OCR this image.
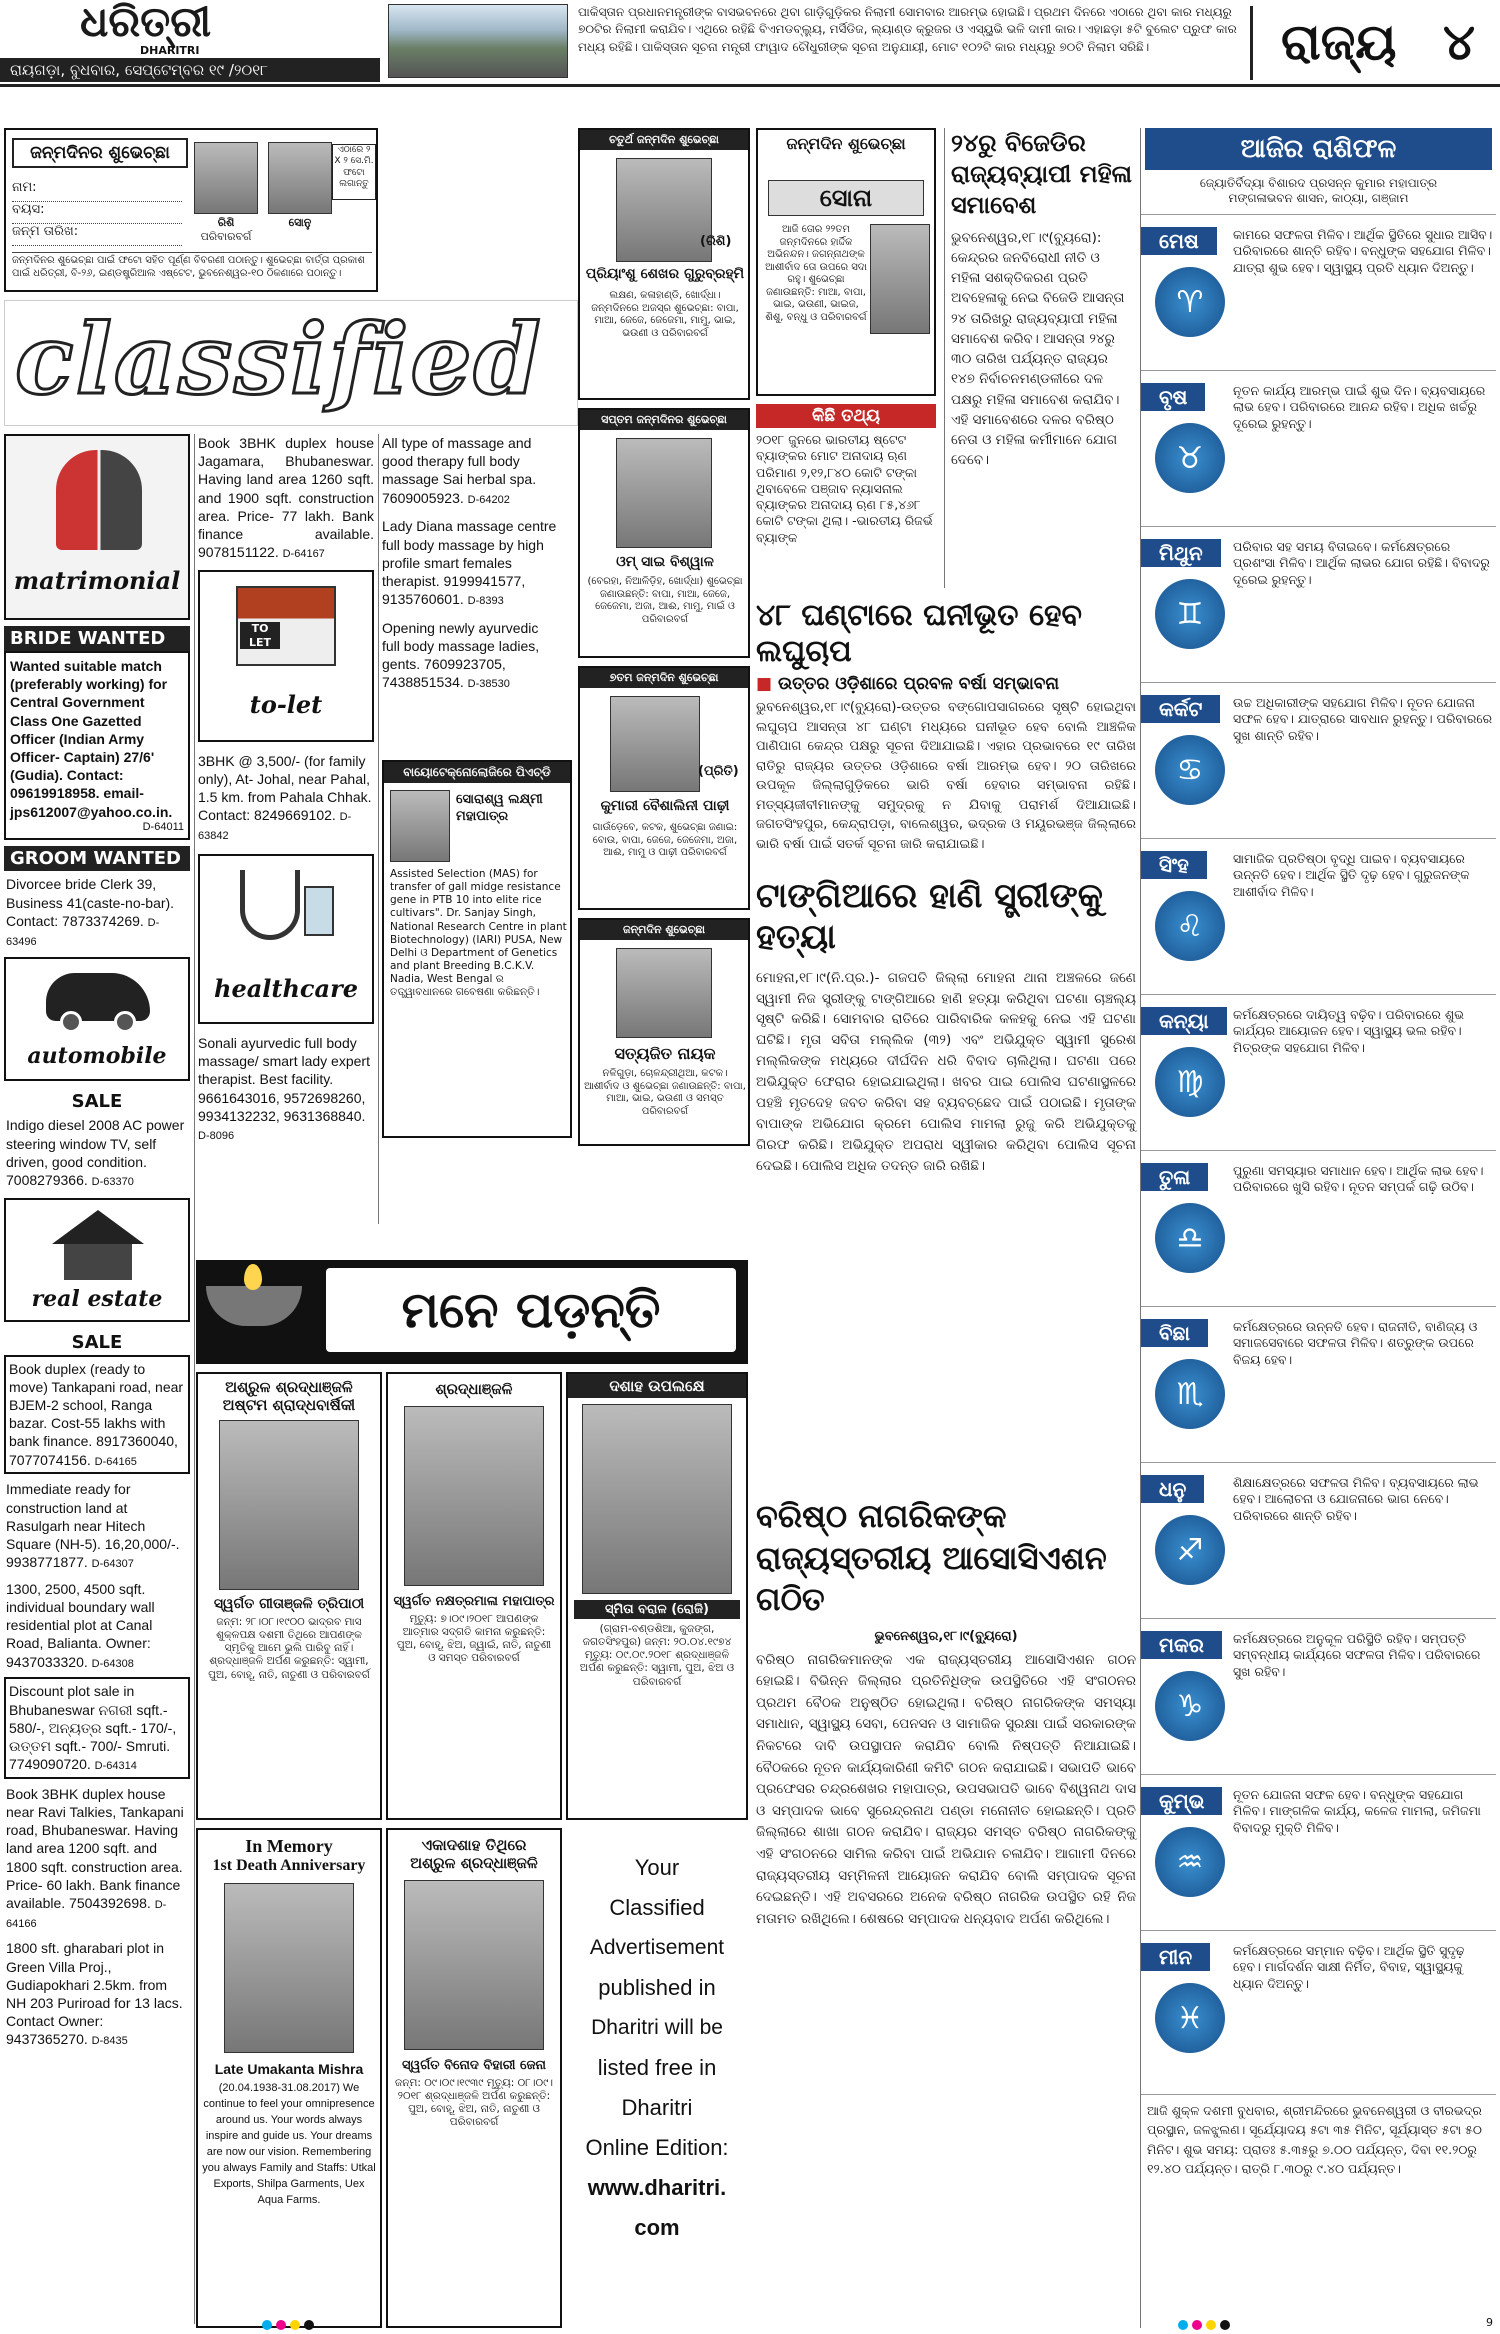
ଧରିତ୍ରୀ
DHARITRI
ରାୟଗଡ଼ା, ବୁଧବାର, ସେପ୍ଟେମ୍ବର ୧୯ /୨୦୧୮
ପାକିସ୍ତାନ ପ୍ରଧାନମନ୍ତ୍ରୀଙ୍କ ବାସଭବନରେ ଥିବା ଗାଡ଼ିଗୁଡ଼ିକର ନିଲାମୀ ସୋମବାର ଆରମ୍ଭ ହୋଇଛି। ପ୍ରଥମ ଦିନରେ ଏଠାରେ ଥିବା କାର ମଧ୍ୟରୁ ୭୦ଟିର ନିଲାମୀ କରାଯିବ। ଏଥିରେ ରହିଛି ବିଏମଡବ୍ଲ୍ୟୁ, ମର୍ସିଡିଜ, ଲ୍ୟାଣ୍ଡ କ୍ରୁଜର ଓ ଏସ୍‌ୟୁଭି ଭଳି ଦାମୀ କାର। ଏହାଛଡ଼ା ୫ଟି ବୁଲେଟ ପ୍ରୁଫ କାର ମଧ୍ୟ ରହିଛି। ପାକିସ୍ତାନ ସୂଚନା ମନ୍ତ୍ରୀ ଫାୱାଦ ଚୌଧୁରୀଙ୍କ ସୂଚନା ଅନୁଯାୟୀ, ମୋଟ ୧୦୨ଟି କାର ମଧ୍ୟରୁ ୭୦ଟି ନିଲାମ ସରିଛି।	ରାଜ୍ୟ ୪
ଜନ୍ମଦିନର ଶୁଭେଚ୍ଛା
ନାମ:
ବୟସ:
ଜନ୍ମ ତାରିଖ:
ରିଶି	ସୋନୁ
ପରିବାରବର୍ଗ
ଏଠାରେ ୨ X ୨ ସେ.ମି. ଫଟୋ ଲଗାନ୍ତୁ
ଜନ୍ମଦିନର ଶୁଭେଚ୍ଛା ପାଇଁ ଫଟୋ ସହିତ ପୂର୍ଣ୍ଣ ବିବରଣୀ ପଠାନ୍ତୁ। ଶୁଭେଚ୍ଛା ବାର୍ତ୍ତା ପ୍ରକାଶ ପାଇଁ ଧରିତ୍ରୀ, ବି-୨୬, ଇଣ୍ଡଷ୍ଟ୍ରିଆଲ ଏଷ୍ଟେଟ, ଭୁବନେଶ୍ୱର-୧୦ ଠିକଣାରେ ପଠାନ୍ତୁ।
classified
matrimonial
BRIDE WANTED
Wanted suitable match (preferably working) for Central Government Class One Gazetted Officer (Indian Army Officer- Captain) 27/6' (Gudia). Contact: 09619918958. email-jps612007@yahoo.co.in.
D-64011
GROOM WANTED
Divorcee bride Clerk 39, Business 41(caste-no-bar). Contact: 7873374269. D-63496
automobile
SALE
Indigo diesel 2008 AC power steering window TV, self driven, good condition. 7008279366. D-63370
real estate
SALE
Book duplex (ready to move) Tankapani road, near BJEM-2 school, Ranga bazar. Cost-55 lakhs with bank finance. 8917360040, 7077074156. D-64165
Immediate ready for construction land at Rasulgarh near Hitech Square (NH-5). 16,20,000/-. 9938771877. D-64307
1300, 2500, 4500 sqft. individual boundary wall residential plot at Canal Road, Balianta. Owner: 9437033320. D-64308
Discount plot sale in Bhubaneswar ନଗରୀ sqft.- 580/-, ଅନ୍ୟତ୍ର sqft.- 170/-, ଉତ୍ତମ sqft.- 700/- Smruti. 7749090720. D-64314
Book 3BHK duplex house near Ravi Talkies, Tankapani road, Bhubaneswar. Having land area 1200 sqft. and 1800 sqft. construction area. Price- 60 lakh. Bank finance available. 7504392698. D-64166
1800 sft. gharabari plot in Green Villa Proj., Gudiapokhari 2.5km. from NH 203 Puriroad for 13 lacs. Contact Owner: 9437365270. D-8435
Book 3BHK duplex house Jagamara, Bhubaneswar. Having land area 1260 sqft. and 1900 sqft. construction area. Price- 77 lakh. Bank finance available. 9078151122. D-64167
TO LET
to-let
3BHK @ 3,500/- (for family only), At- Johal, near Pahal, 1.5 km. from Pahala Chhak. Contact: 8249669102. D-63842
healthcare
Sonali ayurvedic full body massage/ smart lady expert therapist. Best facility. 9661643016, 9572698260, 9934132232, 9631368840. D-8096
All type of massage and good therapy full body massage Sai herbal spa. 7609005923. D-64202
Lady Diana massage centre full body massage by high profile smart females therapist. 9199941577, 9135760601. D-8393
Opening newly ayurvedic full body massage ladies, gents. 7609923705, 7438851534. D-38530
ବାୟୋଟେକ୍‌ନୋଲୋଜିରେ ପିଏଚ୍‌ଡି
ସୋରାଶ୍ୱ ଲକ୍ଷ୍ମୀ ମହାପାତ୍ର
Assisted Selection (MAS) for transfer of gall midge resistance gene in PTB 10 into elite rice cultivars". Dr. Sanjay Singh, National Research Centre in plant Biotechnology) (IARI) PUSA, New Delhi ଓ Department of Genetics and plant Breeding B.C.K.V. Nadia, West Bengal ର ତତ୍ତ୍ୱାବଧାନରେ ଗବେଷଣା କରିଛନ୍ତି।
ଚତୁର୍ଥ ଜନ୍ମଦିନ ଶୁଭେଚ୍ଛା
(ରିଶି)
ପ୍ରିୟାଂଶୁ ଶେଖର ଗୁରୁବ୍ରହ୍ମି
ଲକ୍ଷଣ, କଳାହାଣ୍ଡି, ଖୋର୍ଦ୍ଧା। ଜନ୍ମଦିନରେ ଅଜସ୍ର ଶୁଭେଚ୍ଛା: ବାପା, ମାଆ, ଜେଜେ, ଜେଜେମା, ମାମୁ, ଭାଇ, ଭଉଣୀ ଓ ପରିବାରବର୍ଗ
ସପ୍ତମ ଜନ୍ମଦିନର ଶୁଭେଚ୍ଛା
ଓମ୍ ସାଇ ବିଶ୍ୱାଳ
(ବେରହା, ନିଆଳିଡ଼ିହ, ଖୋର୍ଦ୍ଧା) ଶୁଭେଚ୍ଛା ଜଣାଉଛନ୍ତି: ବାପା, ମାଆ, ଜେଜେ, ଜେଜେମା, ଅଜା, ଆଈ, ମାମୁ, ମାଇଁ ଓ ପରିବାରବର୍ଗ
୭ତମ ଜନ୍ମଦିନ ଶୁଭେଚ୍ଛା
(ପ୍ରିତି)
କୁମାରୀ ବୈଶାଲିନୀ ପାଢ଼ୀ
ଗାଉଁଡ଼େବେ, କଟକ, ଶୁଭେଚ୍ଛା ଜଣାଇ: ବୋଉ, ବାପା, ଜେଜେ, ଜେଜେମା, ଅଜା, ଆଈ, ମାମୁ ଓ ପାଢ଼ୀ ପରିବାରବର୍ଗ
ଜନ୍ମଦିନ ଶୁଭେଚ୍ଛା
ସତ୍ୟଜିତ ନାୟକ
ନଳିଗୁଡ଼ା, ଚୋଳନ୍ଦ୍ରୀଥିଆ, କଟକ। ଆଶୀର୍ବାଦ ଓ ଶୁଭେଚ୍ଛା ଜଣାଉଛନ୍ତି: ବାପା, ମାଆ, ଭାଇ, ଭଉଣୀ ଓ ସମସ୍ତ ପରିବାରବର୍ଗ
ଜନ୍ମଦିନ ଶୁଭେଚ୍ଛା
ସୋନା
ଆଜି ତୋର ୨୨ତମ ଜନ୍ମଦିନରେ ହାର୍ଦ୍ଦିକ ଅଭିନନ୍ଦନ। ଜଗନ୍ନାଥଙ୍କ ଆଶୀର୍ବାଦ ତୋ ଉପରେ ସଦା ରହୁ। ଶୁଭେଚ୍ଛା ଜଣାଉଛନ୍ତି: ମାଆ, ବାପା, ଭାଇ, ଭଉଣୀ, ଭାଇଜ, ଶିଶୁ, ବନ୍ଧୁ ଓ ପରିବାରବର୍ଗ
କିଛି ତଥ୍ୟ
୨୦୧୮ ଜୁନରେ ଭାରତୀୟ ଷ୍ଟେଟ ବ୍ୟାଙ୍କର ମୋଟ ଅନାଦାୟ ଋଣ ପରିମାଣ ୨,୧୨,୮୪୦ କୋଟି ଟଙ୍କା ଥିବାବେଳେ ପଞ୍ଜାବ ନ୍ୟାସନାଲ ବ୍ୟାଙ୍କର ଅନାଦାୟ ଋଣ ୮୫,୪୬୮ କୋଟି ଟଙ୍କା ଥିଲା। -ଭାରତୀୟ ରିଜର୍ଭ ବ୍ୟାଙ୍କ
୨୪ରୁ ବିଜେଡିର ରାଜ୍ୟବ୍ୟାପୀ ମହିଳା ସମାବେଶ
ଭୁବନେଶ୍ୱର,୧୮।୯(ବ୍ୟୁରୋ): କେନ୍ଦ୍ରର ଜନବିରୋଧୀ ନୀତି ଓ ମହିଳା ସଶକ୍ତିକରଣ ପ୍ରତି ଅବହେଳାକୁ ନେଇ ବିଜେଡି ଆସନ୍ତା ୨୪ ତାରିଖରୁ ରାଜ୍ୟବ୍ୟାପୀ ମହିଳା ସମାବେଶ କରିବ। ଆସନ୍ତା ୨୪ରୁ ୩୦ ତାରିଖ ପର୍ଯ୍ୟନ୍ତ ରାଜ୍ୟର ୧୪୭ ନିର୍ବାଚନମଣ୍ଡଳୀରେ ଦଳ ପକ୍ଷରୁ ମହିଳା ସମାବେଶ କରାଯିବ। ଏହି ସମାବେଶରେ ଦଳର ବରିଷ୍ଠ ନେତା ଓ ମହିଳା କର୍ମୀମାନେ ଯୋଗ ଦେବେ।
୪୮ ଘଣ୍ଟାରେ ଘନୀଭୂତ ହେବ ଲଘୁଚାପ
■ ଉତ୍ତର ଓଡ଼ିଶାରେ ପ୍ରବଳ ବର୍ଷା ସମ୍ଭାବନା
ଭୁବନେଶ୍ୱର,୧୮।୯(ବ୍ୟୁରୋ)-ଉତ୍ତର ବଙ୍ଗୋପସାଗରରେ ସୃଷ୍ଟି ହୋଇଥିବା ଲଘୁଚାପ ଆସନ୍ତା ୪୮ ଘଣ୍ଟା ମଧ୍ୟରେ ଘନୀଭୂତ ହେବ ବୋଲି ଆଞ୍ଚଳିକ ପାଣିପାଗ କେନ୍ଦ୍ର ପକ୍ଷରୁ ସୂଚନା ଦିଆଯାଇଛି। ଏହାର ପ୍ରଭାବରେ ୧୯ ତାରିଖ ରାତିରୁ ରାଜ୍ୟର ଉତ୍ତର ଓଡ଼ିଶାରେ ବର୍ଷା ଆରମ୍ଭ ହେବ। ୨୦ ତାରିଖରେ ଉପକୂଳ ଜିଲ୍ଲାଗୁଡ଼ିକରେ ଭାରି ବର୍ଷା ହେବାର ସମ୍ଭାବନା ରହିଛି। ମତ୍ସ୍ୟଜୀବୀମାନଙ୍କୁ ସମୁଦ୍ରକୁ ନ ଯିବାକୁ ପରାମର୍ଶ ଦିଆଯାଇଛି। ଜଗତସିଂହପୁର, କେନ୍ଦ୍ରାପଡ଼ା, ବାଲେଶ୍ୱର, ଭଦ୍ରକ ଓ ମୟୂରଭଞ୍ଜ ଜିଲ୍ଲାରେ ଭାରି ବର୍ଷା ପାଇଁ ସତର୍କ ସୂଚନା ଜାରି କରାଯାଇଛି।
ଟାଙ୍ଗିଆରେ ହାଣି ସ୍ତ୍ରୀଙ୍କୁ ହତ୍ୟା
ମୋହନା,୧୮।୯(ନି.ପ୍ର.)- ଗଜପତି ଜିଲ୍ଲା ମୋହନା ଥାନା ଅଞ୍ଚଳରେ ଜଣେ ସ୍ୱାମୀ ନିଜ ସ୍ତ୍ରୀଙ୍କୁ ଟାଙ୍ଗିଆରେ ହାଣି ହତ୍ୟା କରିଥିବା ଘଟଣା ଚାଞ୍ଚଲ୍ୟ ସୃଷ୍ଟି କରିଛି। ସୋମବାର ରାତିରେ ପାରିବାରିକ କଳହକୁ ନେଇ ଏହି ଘଟଣା ଘଟିଛି। ମୃତା ସବିତା ମଲ୍ଲିକ (୩୨) ଏବଂ ଅଭିଯୁକ୍ତ ସ୍ୱାମୀ ସୁରେଶ ମଲ୍ଲିକଙ୍କ ମଧ୍ୟରେ ଦୀର୍ଘଦିନ ଧରି ବିବାଦ ଚାଲିଥିଲା। ଘଟଣା ପରେ ଅଭିଯୁକ୍ତ ଫେରାର ହୋଇଯାଇଥିଲା। ଖବର ପାଇ ପୋଲିସ ଘଟଣାସ୍ଥଳରେ ପହଞ୍ଚି ମୃତଦେହ ଜବତ କରିବା ସହ ବ୍ୟବଚ୍ଛେଦ ପାଇଁ ପଠାଇଛି। ମୃତାଙ୍କ ବାପାଙ୍କ ଅଭିଯୋଗ କ୍ରମେ ପୋଲିସ ମାମଲା ରୁଜୁ କରି ଅଭିଯୁକ୍ତକୁ ଗିରଫ କରିଛି। ଅଭିଯୁକ୍ତ ଅପରାଧ ସ୍ୱୀକାର କରିଥିବା ପୋଲିସ ସୂଚନା ଦେଇଛି। ପୋଲିସ ଅଧିକ ତଦନ୍ତ ଜାରି ରଖିଛି।
ମନେ ପଡ଼ନ୍ତି
ଅଶ୍ରୁଳ ଶ୍ରଦ୍ଧାଞ୍ଜଳି
ଅଷ୍ଟମ ଶ୍ରାଦ୍ଧବାର୍ଷିକୀ
ସ୍ୱର୍ଗତ ଗୀତାଞ୍ଜଳି ତ୍ରିପାଠୀ
ଜନ୍ମ: ୨୮।୦୮।୧୯୦୦ ଭାଦ୍ରବ ମାସ ଶୁକ୍ଳପକ୍ଷ ଦଶମୀ ତିଥିରେ ଆପଣଙ୍କ ସ୍ମୃତିକୁ ଆମେ ଭୁଲି ପାରିବୁ ନାହିଁ। ଶ୍ରଦ୍ଧାଞ୍ଜଳି ଅର୍ପଣ କରୁଛନ୍ତି: ସ୍ୱାମୀ, ପୁଅ, ବୋହୂ, ନାତି, ନାତୁଣୀ ଓ ପରିବାରବର୍ଗ
ଶ୍ରଦ୍ଧାଞ୍ଜଳି
ସ୍ୱର୍ଗତ ନକ୍ଷତ୍ରମାଳା ମହାପାତ୍ର
ମୃତ୍ୟୁ: ୭।୦୯।୨୦୧୮ ଆପଣଙ୍କ ଆତ୍ମାର ସଦ୍‌ଗତି କାମନା କରୁଛନ୍ତି: ପୁଅ, ବୋହୂ, ଝିଅ, ଜ୍ୱାଇଁ, ନାତି, ନାତୁଣୀ ଓ ସମସ୍ତ ପରିବାରବର୍ଗ
ଦଶାହ ଉପଲକ୍ଷେ
ସ୍ମିତା ବରାଳ (ରୋଜି)
(ଗ୍ରାମ-ବଣ୍ଡଶିଆ, କୁଜଙ୍ଗ, ଜଗତସିଂହପୁର) ଜନ୍ମ: ୨୦.୦୪.୧୯୭୪ ମୃତ୍ୟୁ: ୦୯.୦୯.୨୦୧୮ ଶ୍ରଦ୍ଧାଞ୍ଜଳି ଅର୍ପଣ କରୁଛନ୍ତି: ସ୍ୱାମୀ, ପୁଅ, ଝିଅ ଓ ପରିବାରବର୍ଗ
In Memory
1st Death Anniversary
Late Umakanta Mishra
(20.04.1938-31.08.2017) We continue to feel your omnipresence around us. Your words always inspire and guide us. Your dreams are now our vision. Remembering you always Family and Staffs: Utkal Exports, Shilpa Garments, Uex Aqua Farms.
ଏକାଦଶାହ ତିଥିରେ
ଅଶ୍ରୁଳ ଶ୍ରଦ୍ଧାଞ୍ଜଳି
ସ୍ୱର୍ଗତ ବିନୋଦ ବିହାରୀ ଜେନା
ଜନ୍ମ: ୦୯।୦୯।୧୯୩୯ ମୃତ୍ୟୁ: ୦୮।୦୯।୨୦୧୮ ଶ୍ରଦ୍ଧାଞ୍ଜଳି ଅର୍ପଣ କରୁଛନ୍ତି: ପୁଅ, ବୋହୂ, ଝିଅ, ନାତି, ନାତୁଣୀ ଓ ପରିବାରବର୍ଗ
Your
Classified
Advertisement
published in
Dharitri will be
listed free in
Dharitri
Online Edition:
www.dharitri.
com
ବରିଷ୍ଠ ନାଗରିକଙ୍କ ରାଜ୍ୟସ୍ତରୀୟ ଆସୋସିଏଶନ ଗଠିତ
ଭୁବନେଶ୍ୱର,୧୮।୯(ବ୍ୟୁରୋ)
ବରିଷ୍ଠ ନାଗରିକମାନଙ୍କ ଏକ ରାଜ୍ୟସ୍ତରୀୟ ଆସୋସିଏଶନ ଗଠନ ହୋଇଛି। ବିଭିନ୍ନ ଜିଲ୍ଲାର ପ୍ରତିନିଧିଙ୍କ ଉପସ୍ଥିତିରେ ଏହି ସଂଗଠନର ପ୍ରଥମ ବୈଠକ ଅନୁଷ୍ଠିତ ହୋଇଥିଲା। ବରିଷ୍ଠ ନାଗରିକଙ୍କ ସମସ୍ୟା ସମାଧାନ, ସ୍ୱାସ୍ଥ୍ୟ ସେବା, ପେନସନ ଓ ସାମାଜିକ ସୁରକ୍ଷା ପାଇଁ ସରକାରଙ୍କ ନିକଟରେ ଦାବି ଉପସ୍ଥାପନ କରାଯିବ ବୋଲି ନିଷ୍ପତ୍ତି ନିଆଯାଇଛି। ବୈଠକରେ ନୂତନ କାର୍ଯ୍ୟକାରିଣୀ କମିଟି ଗଠନ କରାଯାଇଛି। ସଭାପତି ଭାବେ ପ୍ରଫେସର ଚନ୍ଦ୍ରଶେଖର ମହାପାତ୍ର, ଉପସଭାପତି ଭାବେ ବିଶ୍ୱନାଥ ଦାସ ଓ ସମ୍ପାଦକ ଭାବେ ସୁରେନ୍ଦ୍ରନାଥ ପଣ୍ଡା ମନୋନୀତ ହୋଇଛନ୍ତି। ପ୍ରତି ଜିଲ୍ଲାରେ ଶାଖା ଗଠନ କରାଯିବ। ରାଜ୍ୟର ସମସ୍ତ ବରିଷ୍ଠ ନାଗରିକଙ୍କୁ ଏହି ସଂଗଠନରେ ସାମିଲ କରିବା ପାଇଁ ଅଭିଯାନ ଚଳାଯିବ। ଆଗାମୀ ଦିନରେ ରାଜ୍ୟସ୍ତରୀୟ ସମ୍ମିଳନୀ ଆୟୋଜନ କରାଯିବ ବୋଲି ସମ୍ପାଦକ ସୂଚନା ଦେଇଛନ୍ତି। ଏହି ଅବସରରେ ଅନେକ ବରିଷ୍ଠ ନାଗରିକ ଉପସ୍ଥିତ ରହି ନିଜ ମତାମତ ରଖିଥିଲେ। ଶେଷରେ ସମ୍ପାଦକ ଧନ୍ୟବାଦ ଅର୍ପଣ କରିଥିଲେ।
ଆଜିର ରାଶିଫଳ
ଜ୍ୟୋତିର୍ବିଦ୍ୟା ବିଶାରଦ ପ୍ରସନ୍ନ କୁମାର ମହାପାତ୍ର
ମଙ୍ଗଳାଭବନ ଶାସନ, କାଠ୍ୟା, ଗଞ୍ଜାମ
ମେଷ
♈
କାମରେ ସଫଳତା ମିଳିବ। ଆର୍ଥିକ ସ୍ଥିତିରେ ସୁଧାର ଆସିବ। ପରିବାରରେ ଶାନ୍ତି ରହିବ। ବନ୍ଧୁଙ୍କ ସହଯୋଗ ମିଳିବ। ଯାତ୍ରା ଶୁଭ ହେବ। ସ୍ୱାସ୍ଥ୍ୟ ପ୍ରତି ଧ୍ୟାନ ଦିଅନ୍ତୁ।
ବୃଷ
♉
ନୂତନ କାର୍ଯ୍ୟ ଆରମ୍ଭ ପାଇଁ ଶୁଭ ଦିନ। ବ୍ୟବସାୟରେ ଲାଭ ହେବ। ପରିବାରରେ ଆନନ୍ଦ ରହିବ। ଅଧିକ ଖର୍ଚ୍ଚରୁ ଦୂରେଇ ରୁହନ୍ତୁ।
ମିଥୁନ
♊
ପରିବାର ସହ ସମୟ ବିତାଇବେ। କର୍ମକ୍ଷେତ୍ରରେ ପ୍ରଶଂସା ମିଳିବ। ଆର୍ଥିକ ଲାଭର ଯୋଗ ରହିଛି। ବିବାଦରୁ ଦୂରେଇ ରୁହନ୍ତୁ।
କର୍କଟ
♋
ଉଚ୍ଚ ଅଧିକାରୀଙ୍କ ସହଯୋଗ ମିଳିବ। ନୂତନ ଯୋଜନା ସଫଳ ହେବ। ଯାତ୍ରାରେ ସାବଧାନ ରୁହନ୍ତୁ। ପରିବାରରେ ସୁଖ ଶାନ୍ତି ରହିବ।
ସିଂହ
♌
ସାମାଜିକ ପ୍ରତିଷ୍ଠା ବୃଦ୍ଧି ପାଇବ। ବ୍ୟବସାୟରେ ଉନ୍ନତି ହେବ। ଆର୍ଥିକ ସ୍ଥିତି ଦୃଢ଼ ହେବ। ଗୁରୁଜନଙ୍କ ଆଶୀର୍ବାଦ ମିଳିବ।
କନ୍ୟା
♍
କର୍ମକ୍ଷେତ୍ରରେ ଦାୟିତ୍ୱ ବଢ଼ିବ। ପରିବାରରେ ଶୁଭ କାର୍ଯ୍ୟର ଆୟୋଜନ ହେବ। ସ୍ୱାସ୍ଥ୍ୟ ଭଲ ରହିବ। ମିତ୍ରଙ୍କ ସହଯୋଗ ମିଳିବ।
ତୁଳା
♎
ପୁରୁଣା ସମସ୍ୟାର ସମାଧାନ ହେବ। ଆର୍ଥିକ ଲାଭ ହେବ। ପରିବାରରେ ଖୁସି ରହିବ। ନୂତନ ସମ୍ପର୍କ ଗଢ଼ି ଉଠିବ।
ବିଛା
♏
କର୍ମକ୍ଷେତ୍ରରେ ଉନ୍ନତି ହେବ। ରାଜନୀତି, ବାଣିଜ୍ୟ ଓ ସମାଜସେବାରେ ସଫଳତା ମିଳିବ। ଶତ୍ରୁଙ୍କ ଉପରେ ବିଜୟ ହେବ।
ଧନୁ
♐
ଶିକ୍ଷାକ୍ଷେତ୍ରରେ ସଫଳତା ମିଳିବ। ବ୍ୟବସାୟରେ ଲାଭ ହେବ। ଆଲୋଚନା ଓ ଯୋଜନାରେ ଭାଗ ନେବେ। ପରିବାରରେ ଶାନ୍ତି ରହିବ।
ମକର
♑
କର୍ମକ୍ଷେତ୍ରରେ ଅନୁକୂଳ ପରିସ୍ଥିତି ରହିବ। ସମ୍ପତ୍ତି ସମ୍ବନ୍ଧୀୟ କାର୍ଯ୍ୟରେ ସଫଳତା ମିଳିବ। ପରିବାରରେ ସୁଖ ରହିବ।
କୁମ୍ଭ
♒
ନୂତନ ଯୋଜନା ସଫଳ ହେବ। ବନ୍ଧୁଙ୍କ ସହଯୋଗ ମିଳିବ। ମାଙ୍ଗଳିକ କାର୍ଯ୍ୟ, କଳେଜ ମାମଲା, ଜମିଜମା ବିବାଦରୁ ମୁକ୍ତି ମିଳିବ।
ମୀନ
♓
କର୍ମକ୍ଷେତ୍ରରେ ସମ୍ମାନ ବଢ଼ିବ। ଆର୍ଥିକ ସ୍ଥିତି ସୁଦୃଢ଼ ହେବ। ମାର୍ଗଦର୍ଶନ ସାକ୍ଷୀ ନିର୍ମିତ, ବିବାହ, ସ୍ୱାସ୍ଥ୍ୟକୁ ଧ୍ୟାନ ଦିଅନ୍ତୁ।
ଆଜି ଶୁକ୍ଳ ଦଶମୀ ବୁଧବାର, ଶ୍ରୀମନ୍ଦିରରେ ଭୁବନେଶ୍ୱରୀ ଓ ବୀରଭଦ୍ର ପ୍ରସ୍ଥାନ, ଜଳଝୁଲଣ। ସୂର୍ଯ୍ୟୋଦୟ ୫ଟା ୩୫ ମିନିଟ, ସୂର୍ଯ୍ୟାସ୍ତ ୫ଟା ୫୦ ମିନିଟ। ଶୁଭ ସମୟ: ପ୍ରାତଃ ୫.୩୫ରୁ ୭.୦୦ ପର୍ଯ୍ୟନ୍ତ, ଦିବା ୧୧.୨୦ରୁ ୧୨.୪୦ ପର୍ଯ୍ୟନ୍ତ। ରାତ୍ରି ୮.୩୦ରୁ ୯.୪୦ ପର୍ଯ୍ୟନ୍ତ।
9
